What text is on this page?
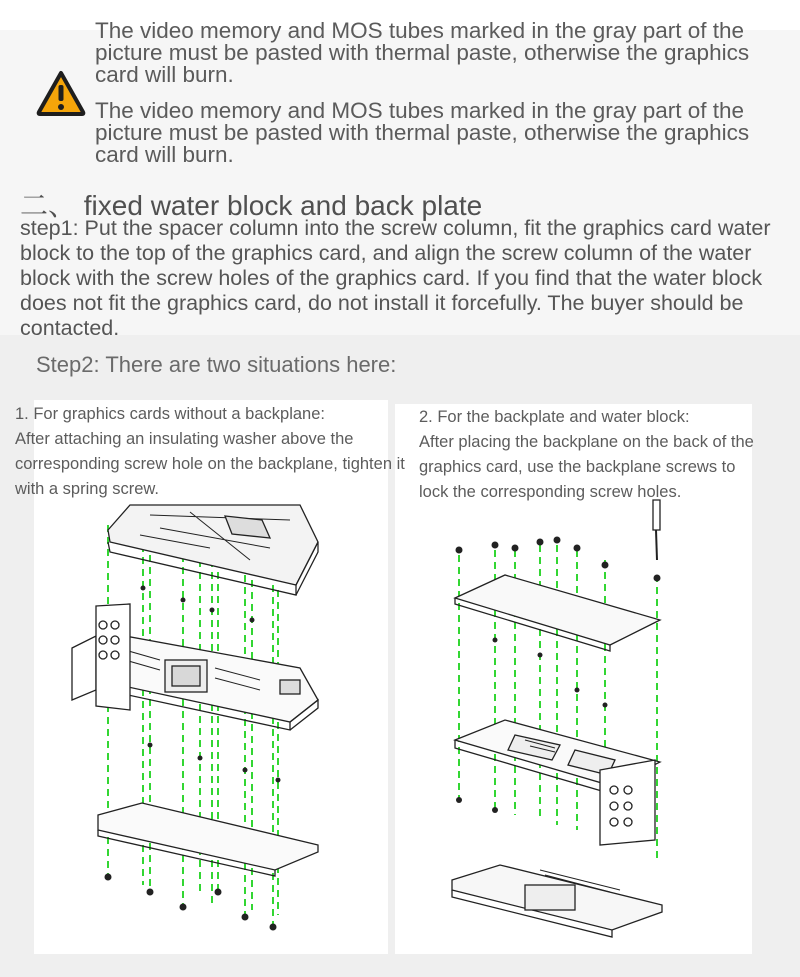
The video memory and MOS tubes marked in the gray part of the picture must be pasted with thermal paste, otherwise the graphics card will burn.
The video memory and MOS tubes marked in the gray part of the picture must be pasted with thermal paste, otherwise the graphics card will burn.
二、 fixed water block and back plate
step1: Put the spacer column into the screw column, fit the graphics card water block to the top of the graphics card, and align the screw column of the water block with the screw holes of the graphics card. If you find that the water block does not fit the graphics card, do not install it forcefully. The buyer should be contacted.
Step2: There are two situations here:
1. For graphics cards without a backplane:
After attaching an insulating washer above the corresponding screw hole on the backplane, tighten it with a spring screw.
2. For the backplate and water block:
After placing the backplane on the back of the graphics card, use the backplane screws to lock the corresponding screw holes.
